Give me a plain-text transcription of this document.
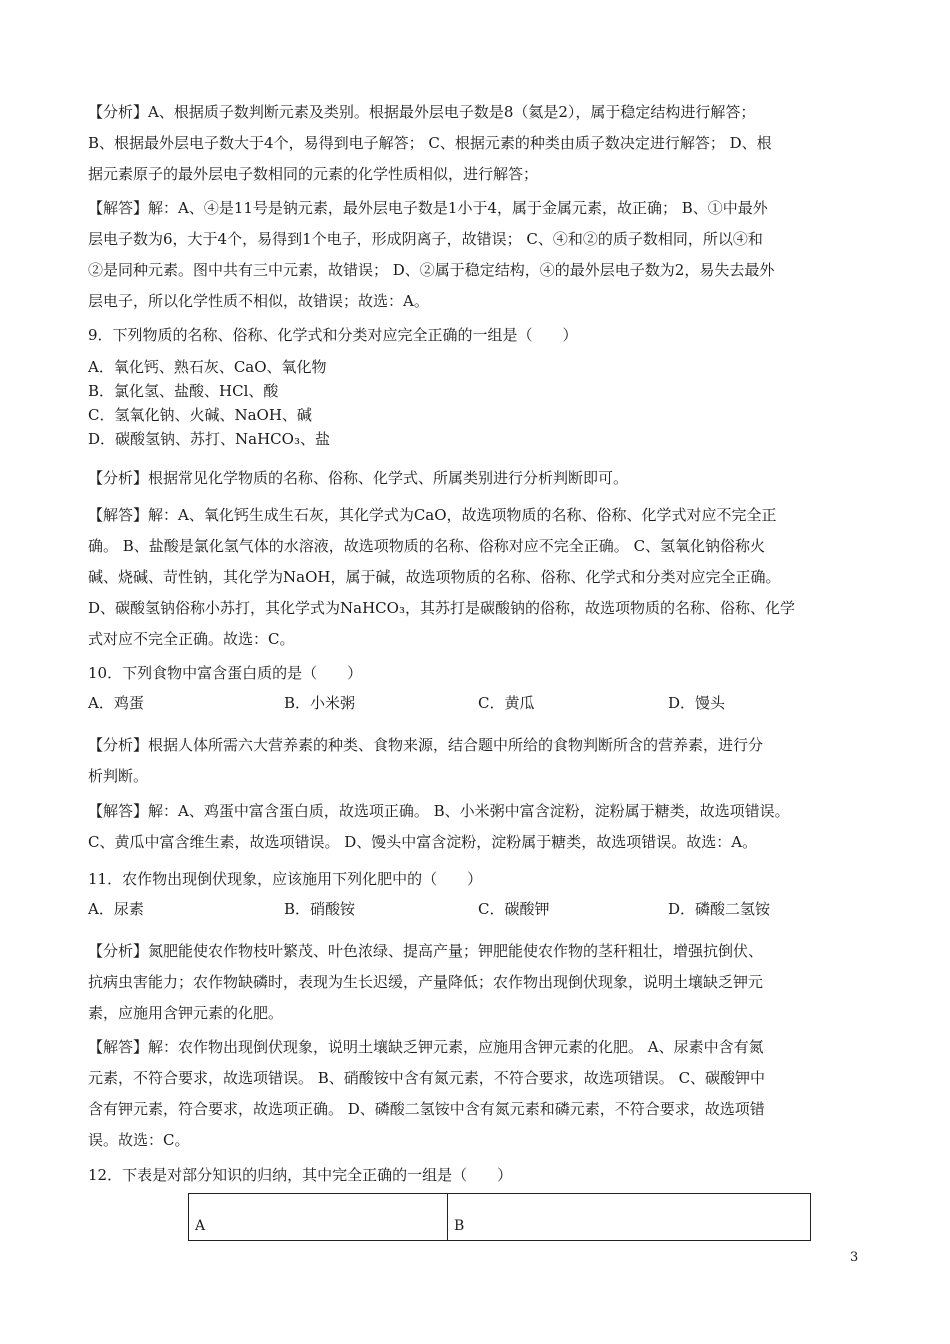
【分析】A、根据质子数判断元素及类别。根据最外层电子数是8（氦是2），属于稳定结构进行解答；
B、根据最外层电子数大于4个，易得到电子解答； C、根据元素的种类由质子数决定进行解答； D、根
据元素原子的最外层电子数相同的元素的化学性质相似，进行解答；
【解答】解：A、④是11号是钠元素，最外层电子数是1小于4，属于金属元素，故正确； B、①中最外
层电子数为6，大于4个，易得到1个电子，形成阴离子，故错误； C、④和②的质子数相同，所以④和
②是同种元素。图中共有三中元素，故错误； D、②属于稳定结构，④的最外层电子数为2，易失去最外
层电子，所以化学性质不相似，故错误；故选：A。
9．下列物质的名称、俗称、化学式和分类对应完全正确的一组是（　　）
A．氧化钙、熟石灰、CaO、氧化物
B．氯化氢、盐酸、HCl、酸
C．氢氧化钠、火碱、NaOH、碱
D．碳酸氢钠、苏打、NaHCO₃、盐
【分析】根据常见化学物质的名称、俗称、化学式、所属类别进行分析判断即可。
【解答】解：A、氧化钙生成生石灰，其化学式为CaO，故选项物质的名称、俗称、化学式对应不完全正
确。 B、盐酸是氯化氢气体的水溶液，故选项物质的名称、俗称对应不完全正确。 C、氢氧化钠俗称火
碱、烧碱、苛性钠，其化学为NaOH，属于碱，故选项物质的名称、俗称、化学式和分类对应完全正确。
D、碳酸氢钠俗称小苏打，其化学式为NaHCO₃，其苏打是碳酸钠的俗称，故选项物质的名称、俗称、化学
式对应不完全正确。故选：C。
10．下列食物中富含蛋白质的是（　　）
A．鸡蛋	B．小米粥	C．黄瓜	D．馒头
【分析】根据人体所需六大营养素的种类、食物来源，结合题中所给的食物判断所含的营养素，进行分
析判断。
【解答】解：A、鸡蛋中富含蛋白质，故选项正确。 B、小米粥中富含淀粉，淀粉属于糖类，故选项错误。
C、黄瓜中富含维生素，故选项错误。 D、馒头中富含淀粉，淀粉属于糖类，故选项错误。故选：A。
11．农作物出现倒伏现象，应该施用下列化肥中的（　　）
A．尿素	B．硝酸铵	C．碳酸钾	D．磷酸二氢铵
【分析】氮肥能使农作物枝叶繁茂、叶色浓绿、提高产量；钾肥能使农作物的茎秆粗壮，增强抗倒伏、
抗病虫害能力；农作物缺磷时，表现为生长迟缓，产量降低；农作物出现倒伏现象，说明土壤缺乏钾元
素，应施用含钾元素的化肥。
【解答】解：农作物出现倒伏现象，说明土壤缺乏钾元素，应施用含钾元素的化肥。 A、尿素中含有氮
元素，不符合要求，故选项错误。 B、硝酸铵中含有氮元素，不符合要求，故选项错误。 C、碳酸钾中
含有钾元素，符合要求，故选项正确。 D、磷酸二氢铵中含有氮元素和磷元素，不符合要求，故选项错
误。故选：C。
12．下表是对部分知识的归纳，其中完全正确的一组是（　　）
A	B
3
